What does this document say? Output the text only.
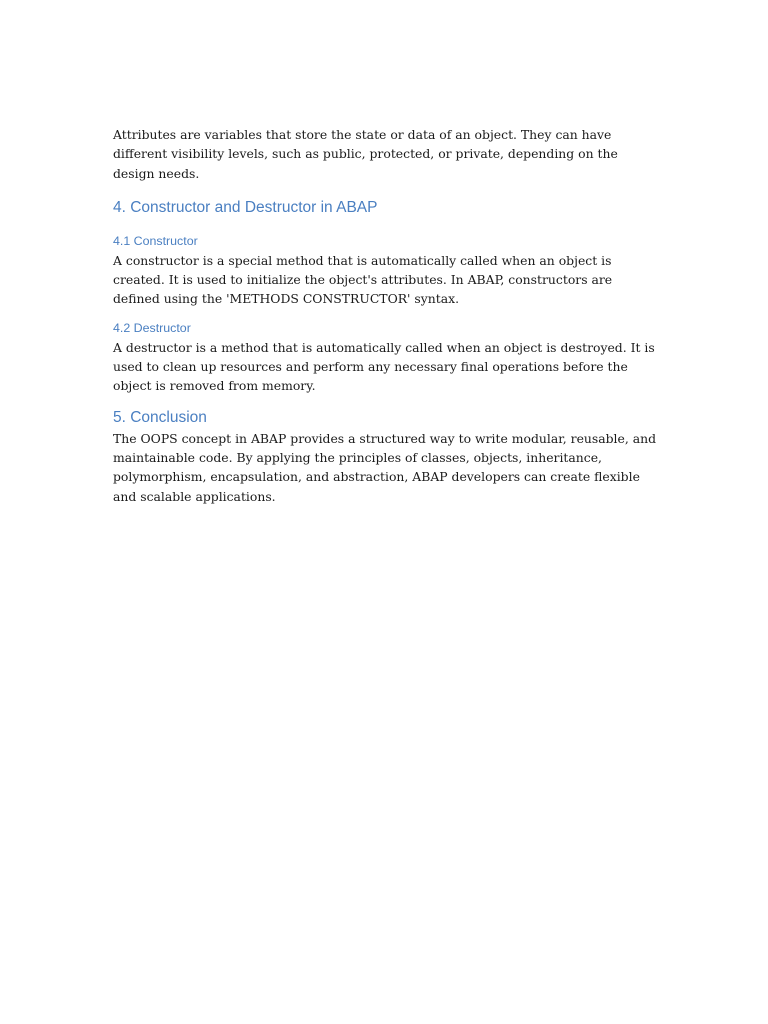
Attributes are variables that store the state or data of an object. They can have different visibility levels, such as public, protected, or private, depending on the design needs.

4. Constructor and Destructor in ABAP
4.1 Constructor

A constructor is a special method that is automatically called when an object is created. It is used to initialize the object's attributes. In ABAP, constructors are defined using the 'METHODS CONSTRUCTOR' syntax.

4.2 Destructor

A destructor is a method that is automatically called when an object is destroyed. It is used to clean up resources and perform any necessary final operations before the object is removed from memory.

5. Conclusion

The OOPS concept in ABAP provides a structured way to write modular, reusable, and maintainable code. By applying the principles of classes, objects, inheritance, polymorphism, encapsulation, and abstraction, ABAP developers can create flexible and scalable applications.
